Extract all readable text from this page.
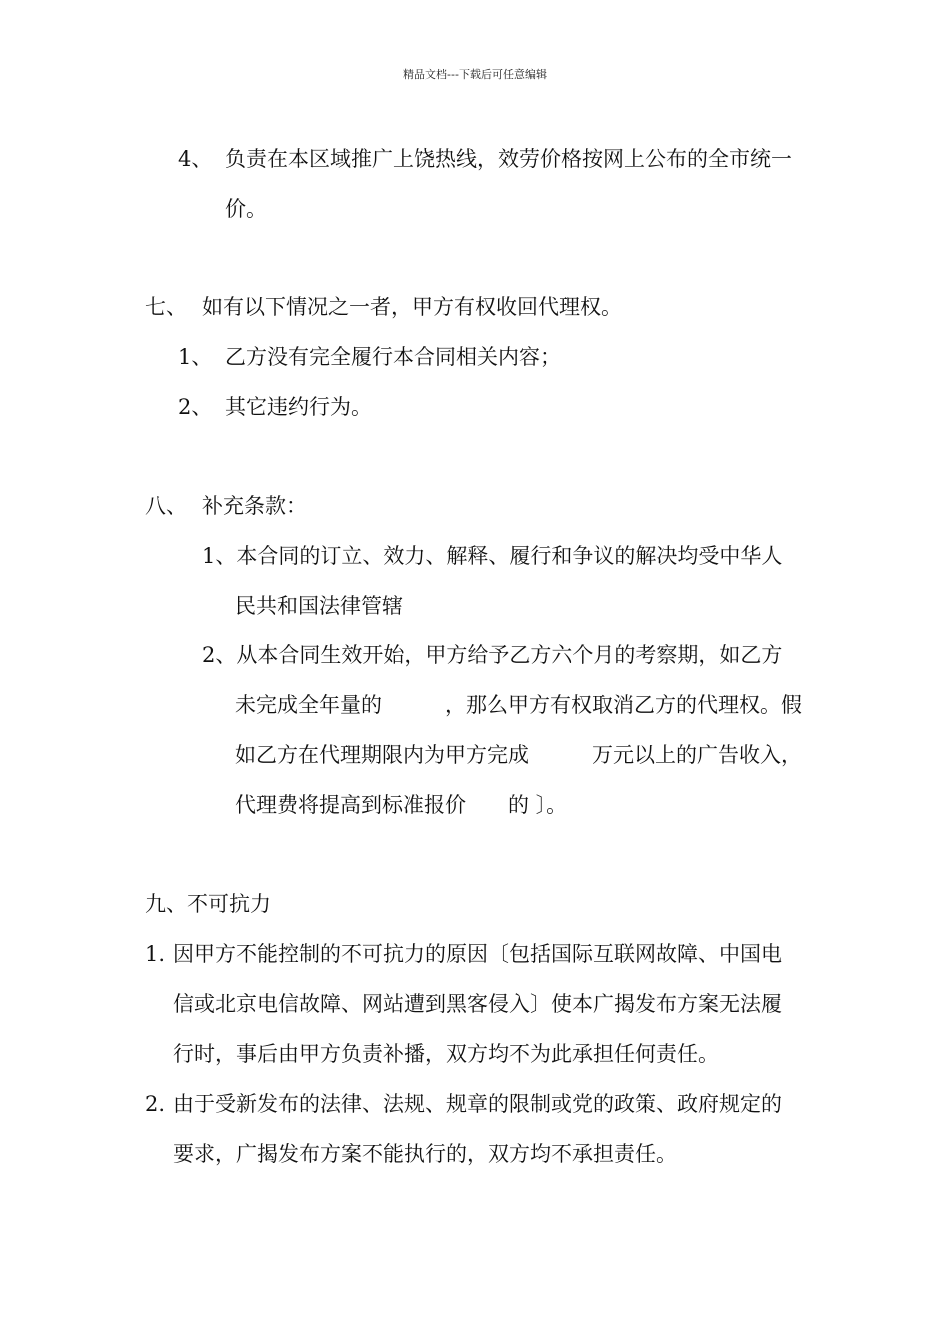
精品文档---下载后可任意编辑
4、 负责在本区域推广上饶热线，效劳价格按网上公布的全市统一
价。
七、 如有以下情况之一者，甲方有权收回代理权。
1、 乙方没有完全履行本合同相关内容；
2、 其它违约行为。
八、 补充条款：
1、本合同的订立、效力、解释、履行和争议的解决均受中华人
民共和国法律管辖
2、从本合同生效开始，甲方给予乙方六个月的考察期，如乙方
未完成全年量的　　　，那么甲方有权取消乙方的代理权。假
如乙方在代理期限内为甲方完成　　　万元以上的广告收入，
代理费将提高到标准报价　　的 〕。
九、不可抗力
1. 因甲方不能控制的不可抗力的原因〔包括国际互联网故障、中国电
信或北京电信故障、网站遭到黑客侵入〕使本广揭发布方案无法履
行时，事后由甲方负责补播，双方均不为此承担任何责任。
2. 由于受新发布的法律、法规、规章的限制或党的政策、政府规定的
要求，广揭发布方案不能执行的，双方均不承担责任。
